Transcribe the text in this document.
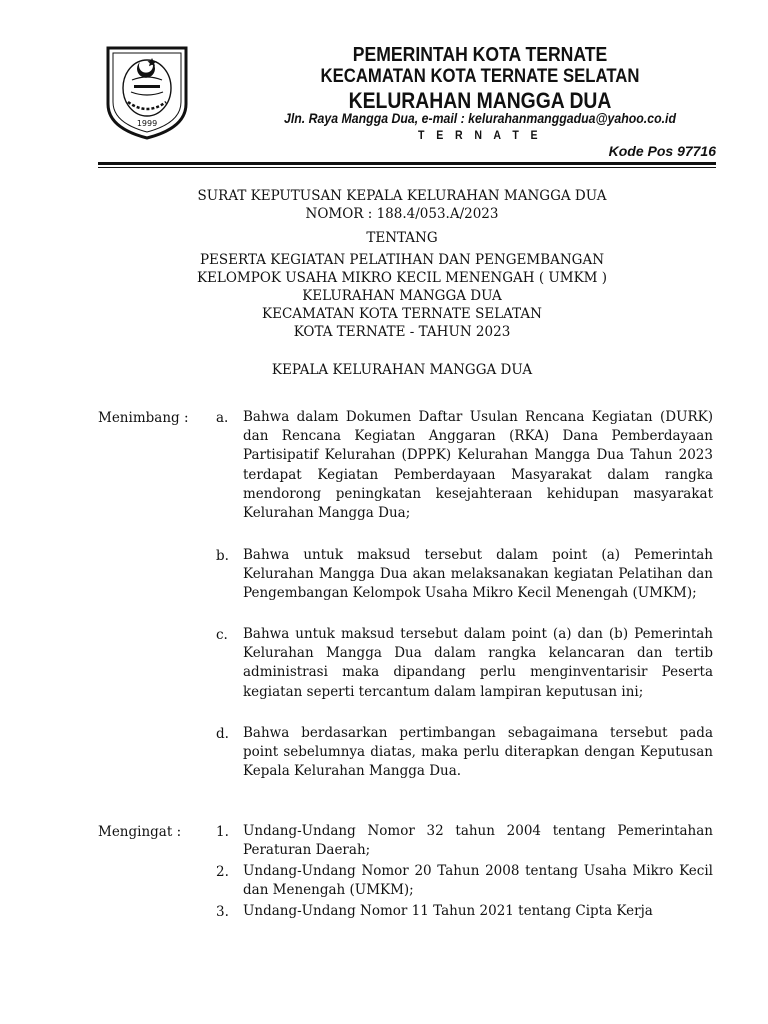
1999
PEMERINTAH KOTA TERNATE
KECAMATAN KOTA TERNATE SELATAN
KELURAHAN MANGGA DUA
Jln. Raya Mangga Dua, e-mail : kelurahanmanggadua@yahoo.co.id
T E R N A T E
Kode Pos 97716
SURAT KEPUTUSAN KEPALA KELURAHAN MANGGA DUA
NOMOR : 188.4/053.A/2023
TENTANG
PESERTA KEGIATAN PELATIHAN DAN PENGEMBANGAN
KELOMPOK USAHA MIKRO KECIL MENENGAH ( UMKM )
KELURAHAN MANGGA DUA
KECAMATAN KOTA TERNATE SELATAN
KOTA TERNATE - TAHUN 2023
KEPALA KELURAHAN MANGGA DUA
Menimbang : a. Bahwa dalam Dokumen Daftar Usulan Rencana Kegiatan (DURK) dan Rencana Kegiatan Anggaran (RKA) Dana Pemberdayaan Partisipatif Kelurahan (DPPK) Kelurahan Mangga Dua Tahun 2023 terdapat Kegiatan Pemberdayaan Masyarakat dalam rangka mendorong peningkatan kesejahteraan kehidupan masyarakat Kelurahan Mangga Dua;
b. Bahwa untuk maksud tersebut dalam point (a) Pemerintah Kelurahan Mangga Dua akan melaksanakan kegiatan Pelatihan dan Pengembangan Kelompok Usaha Mikro Kecil Menengah (UMKM);
c. Bahwa untuk maksud tersebut dalam point (a) dan (b) Pemerintah Kelurahan Mangga Dua dalam rangka kelancaran dan tertib administrasi maka dipandang perlu menginventarisir Peserta kegiatan seperti tercantum dalam lampiran keputusan ini;
d. Bahwa berdasarkan pertimbangan sebagaimana tersebut pada point sebelumnya diatas, maka perlu diterapkan dengan Keputusan Kepala Kelurahan Mangga Dua.
Mengingat :	1. Undang-Undang Nomor 32 tahun 2004 tentang Pemerintahan Peraturan Daerah;
2. Undang-Undang Nomor 20 Tahun 2008 tentang Usaha Mikro Kecil dan Menengah (UMKM);
3. Undang-Undang Nomor 11 Tahun 2021 tentang Cipta Kerja
